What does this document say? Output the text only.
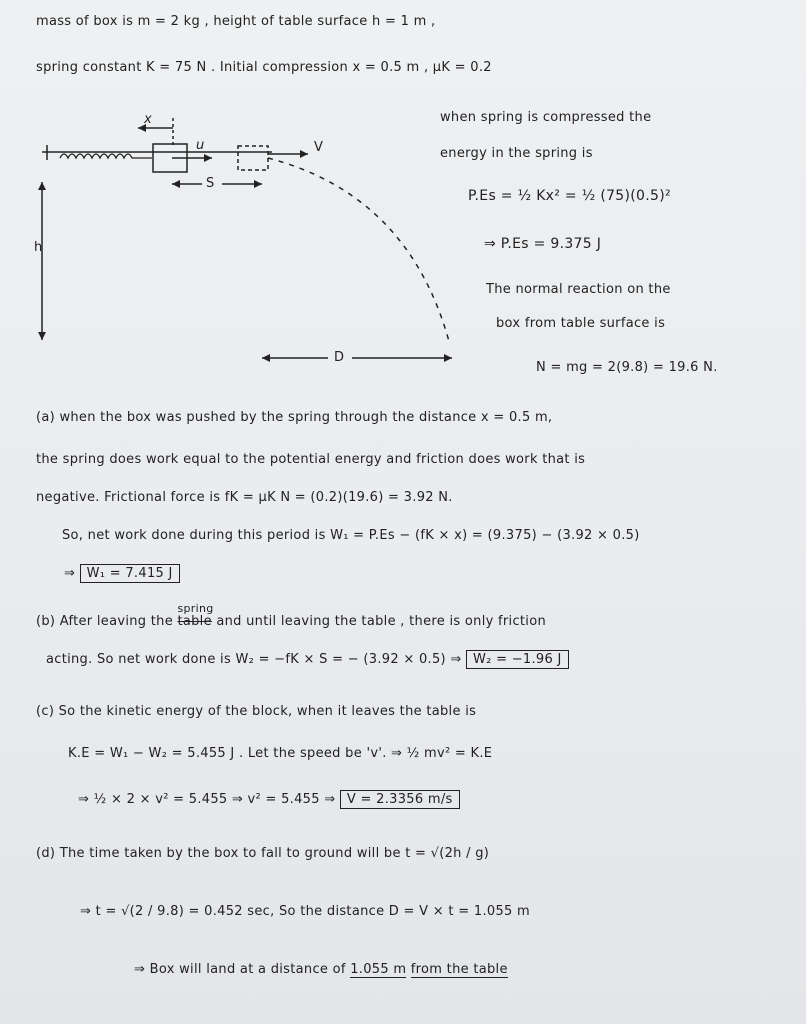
x
u	V
S
h
D
mass of box is m = 2 kg , height of table surface h = 1 m ,
spring constant K = 75 N . Initial compression x = 0.5 m , μK = 0.2
when spring is compressed the
energy in the spring is
P.Es = ½ Kx² = ½ (75)(0.5)²
⇒ P.Es = 9.375 J
The normal reaction on the
box from table surface is
N = mg = 2(9.8) = 19.6 N.
(a) when the box was pushed by the spring through the distance x = 0.5 m,
the spring does work equal to the potential energy and friction does work that is
negative. Frictional force is fK = μK N = (0.2)(19.6) = 3.92 N.
So, net work done during this period is W₁ = P.Es − (fK × x) = (9.375) − (3.92 × 0.5)
⇒ W₁ = 7.415 J
(b) After leaving the
spring
table and until leaving the table , there is only friction
acting. So net work done is W₂ = −fK × S = − (3.92 × 0.5) ⇒ W₂ = −1.96 J
(c) So the kinetic energy of the block, when it leaves the table is
K.E = W₁ − W₂ = 5.455 J . Let the speed be 'v'. ⇒ ½ mv² = K.E
⇒ ½ × 2 × v² = 5.455 ⇒ v² = 5.455 ⇒ V = 2.3356 m/s
(d) The time taken by the box to fall to ground will be t = √(2h / g)
⇒ t = √(2 / 9.8) = 0.452 sec, So the distance D = V × t = 1.055 m
⇒ Box will land at a distance of 1.055 m from the table
